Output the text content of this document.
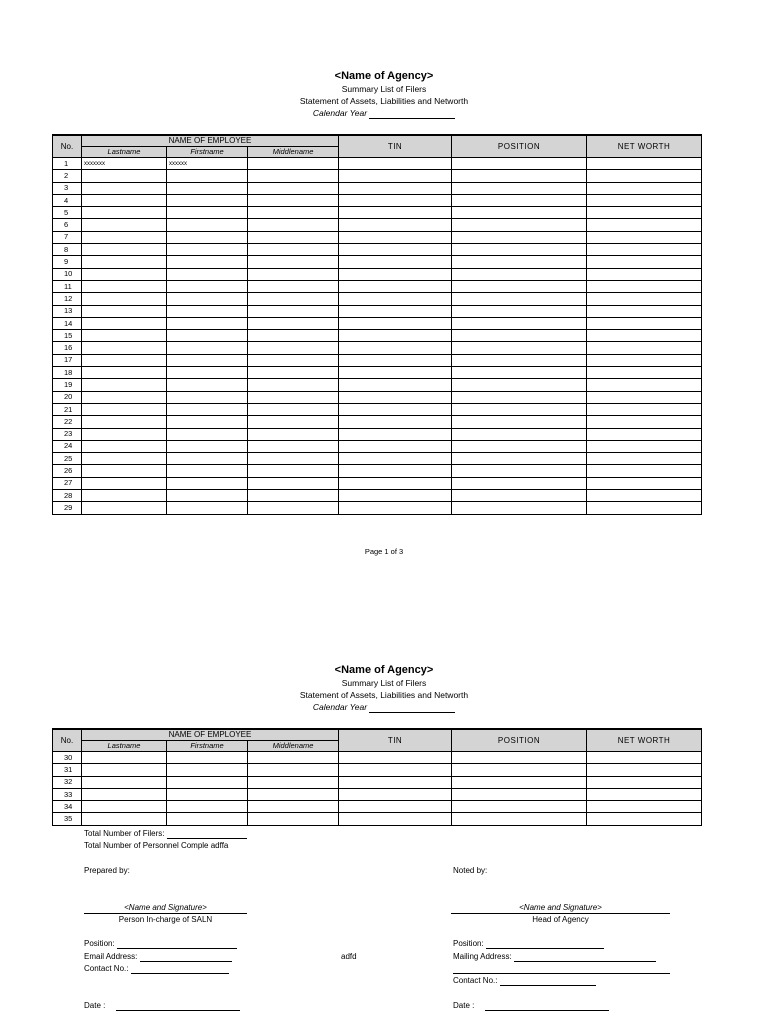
<Name of Agency>
Summary List of Filers
Statement of Assets, Liabilities and Networth
Calendar Year
No.	NAME OF EMPLOYEE			TIN	POSITION	NET WORTH
	Lastname	Firstname	Middlename			
1	xxxxxxx	xxxxxx				
2						
3						
4						
5						
6						
7						
8						
9						
10						
11						
12						
13						
14						
15						
16						
17						
18						
19						
20						
21						
22						
23						
24						
25						
26						
27						
28						
29						
Page 1 of 3
<Name of Agency>
Summary List of Filers
Statement of Assets, Liabilities and Networth
Calendar Year
No.	NAME OF EMPLOYEE			TIN	POSITION	NET WORTH
	Lastname	Firstname	Middlename			
30						
31						
32						
33						
34						
35						
Total Number of Filers:
Total Number of Personnel Comple adffa
Prepared by:	Noted by:
<Name and Signature>
Person In-charge of SALN
<Name and Signature>
Head of Agency
Position:
Email Address:
Contact No.:
Date :
adfd
Position:
Mailing Address:
Contact No.:
Date :
